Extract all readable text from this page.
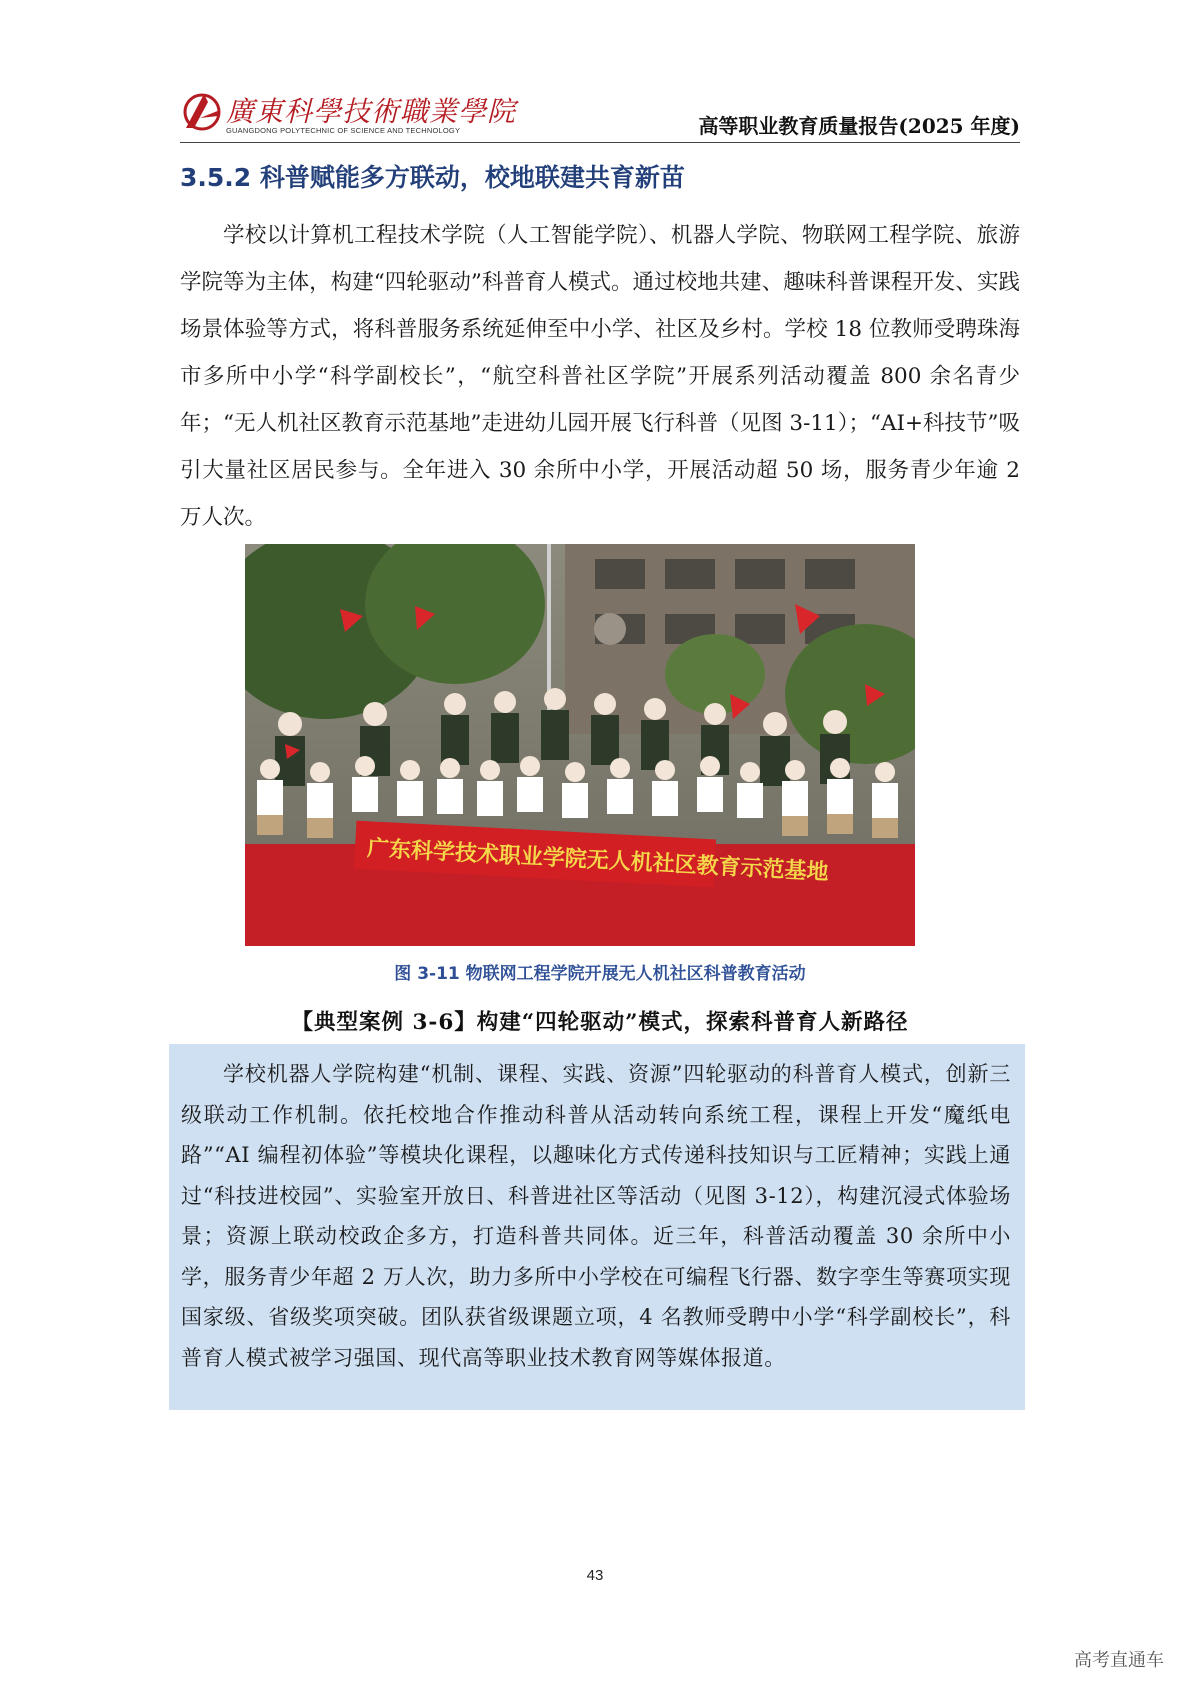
廣東科學技術職業學院
GUANGDONG POLYTECHNIC OF SCIENCE AND TECHNOLOGY	高等职业教育质量报告(2025 年度)
3.5.2 科普赋能多方联动，校地联建共育新苗

学校以计算机工程技术学院（人工智能学院）、机器人学院、物联网工程学院、旅游学院等为主体，构建“四轮驱动”科普育人模式。通过校地共建、趣味科普课程开发、实践场景体验等方式，将科普服务系统延伸至中小学、社区及乡村。学校 18 位教师受聘珠海市多所中小学“科学副校长”，“航空科普社区学院”开展系列活动覆盖 800 余名青少年；“无人机社区教育示范基地”走进幼儿园开展飞行科普（见图 3-11）；“AI+科技节”吸引大量社区居民参与。全年进入 30 余所中小学，开展活动超 50 场，服务青少年逾 2 万人次。

广东科学技术职业学院无人机社区教育示范基地
图 3-11 物联网工程学院开展无人机社区科普教育活动
【典型案例 3-6】构建“四轮驱动”模式，探索科普育人新路径

学校机器人学院构建“机制、课程、实践、资源”四轮驱动的科普育人模式，创新三级联动工作机制。依托校地合作推动科普从活动转向系统工程，课程上开发“魔纸电路”“AI 编程初体验”等模块化课程，以趣味化方式传递科技知识与工匠精神；实践上通过“科技进校园”、实验室开放日、科普进社区等活动（见图 3-12），构建沉浸式体验场景；资源上联动校政企多方，打造科普共同体。近三年，科普活动覆盖 30 余所中小学，服务青少年超 2 万人次，助力多所中小学校在可编程飞行器、数字孪生等赛项实现国家级、省级奖项突破。团队获省级课题立项，4 名教师受聘中小学“科学副校长”，科普育人模式被学习强国、现代高等职业技术教育网等媒体报道。

43
高考直通车
